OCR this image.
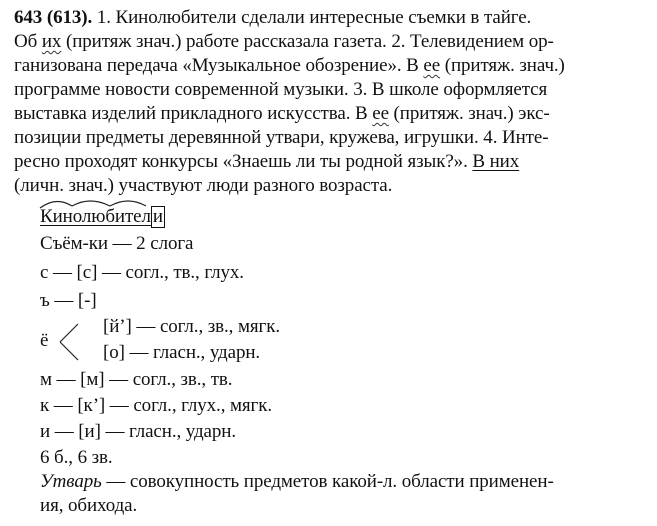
643 (613). 1. Кинолюбители сделали интересные съемки в тайге.
Об их (притяж знач.) работе рассказала газета. 2. Телевидением ор-
ганизована передача «Музыкальное обозрение». В ее (притяж. знач.)
программе новости современной музыки. 3. В школе оформляется
выставка изделий прикладного искусства. В ее (притяж. знач.) экс-
позиции предметы деревянной утвари, кружева, игрушки. 4. Инте-
ресно проходят конкурсы «Знаешь ли ты родной язык?». В них
(личн. знач.) участвуют люди разного возраста.
Кинолюбител и
Съём-ки — 2 слога
с — [с] — согл., тв., глух.
ъ — [-]
[й’] — согл., зв., мягк.
ё
[о] — гласн., ударн.
м — [м] — согл., зв., тв.
к — [к’] — согл., глух., мягк.
и — [и] — гласн., ударн.
6 б., 6 зв.
Утварь — совокупность предметов какой-л. области применен-
ия, обихода.
